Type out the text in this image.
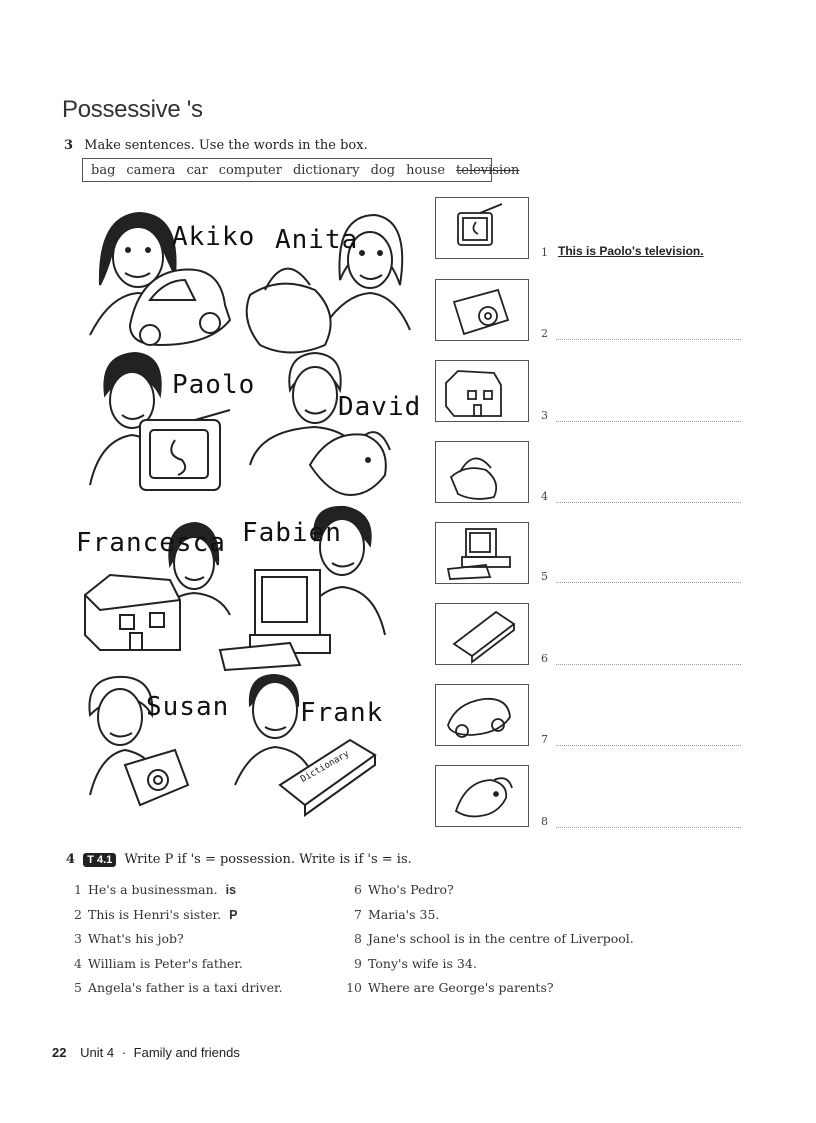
Possessive 's
3 Make sentences. Use the words in the box.
bag camera car computer dictionary dog house television
Akiko Anita
Paolo
David
Francesca Fabien
Susan	Frank
Dictionary
1 This is Paolo's television.
2
3
4
5
6
7
8
4 T 4.1 Write P if 's = possession. Write is if 's = is.
1 He's a businessman. is
2 This is Henri's sister. P
3 What's his job?
4 William is Peter's father.
5 Angela's father is a taxi driver.
6 Who's Pedro?
7 Maria's 35.
8 Jane's school is in the centre of Liverpool.
9 Tony's wife is 34.
10 Where are George's parents?
22 Unit 4 · Family and friends
